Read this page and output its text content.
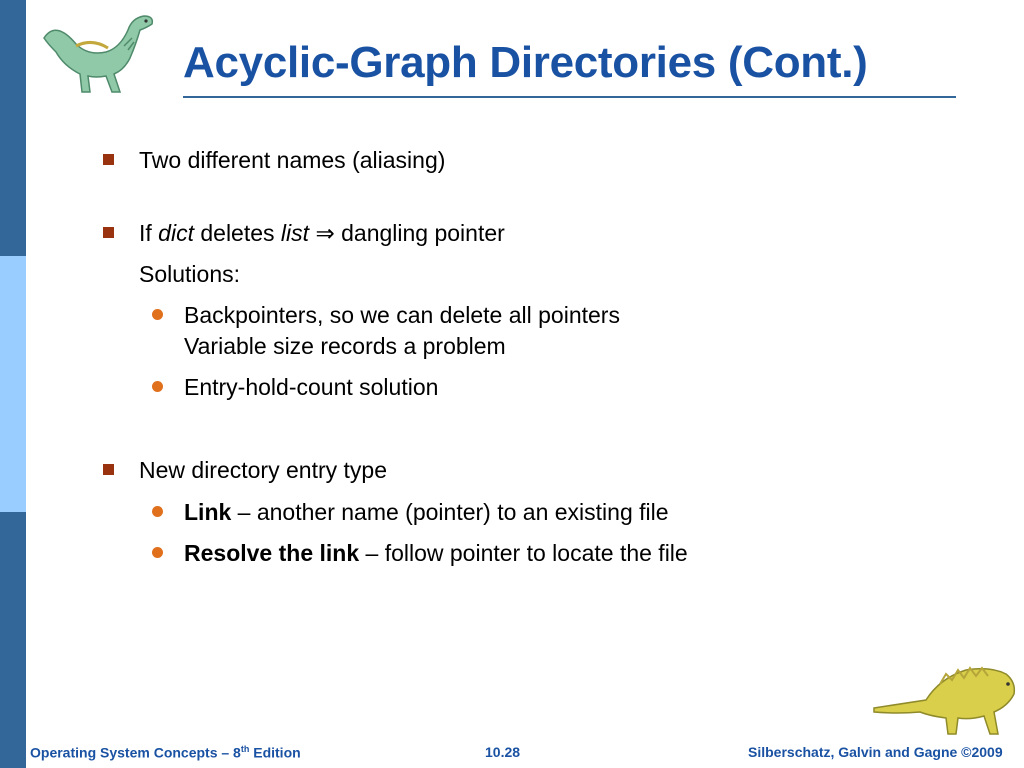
Acyclic-Graph Directories (Cont.)
Two different names (aliasing)
If dict deletes list ⇒ dangling pointer
Solutions:
Backpointers, so we can delete all pointers
Variable size records a problem
Entry-hold-count solution
New directory entry type
Link – another name (pointer) to an existing file
Resolve the link – follow pointer to locate the file
Operating System Concepts – 8th Edition	10.28	Silberschatz, Galvin and Gagne ©2009
